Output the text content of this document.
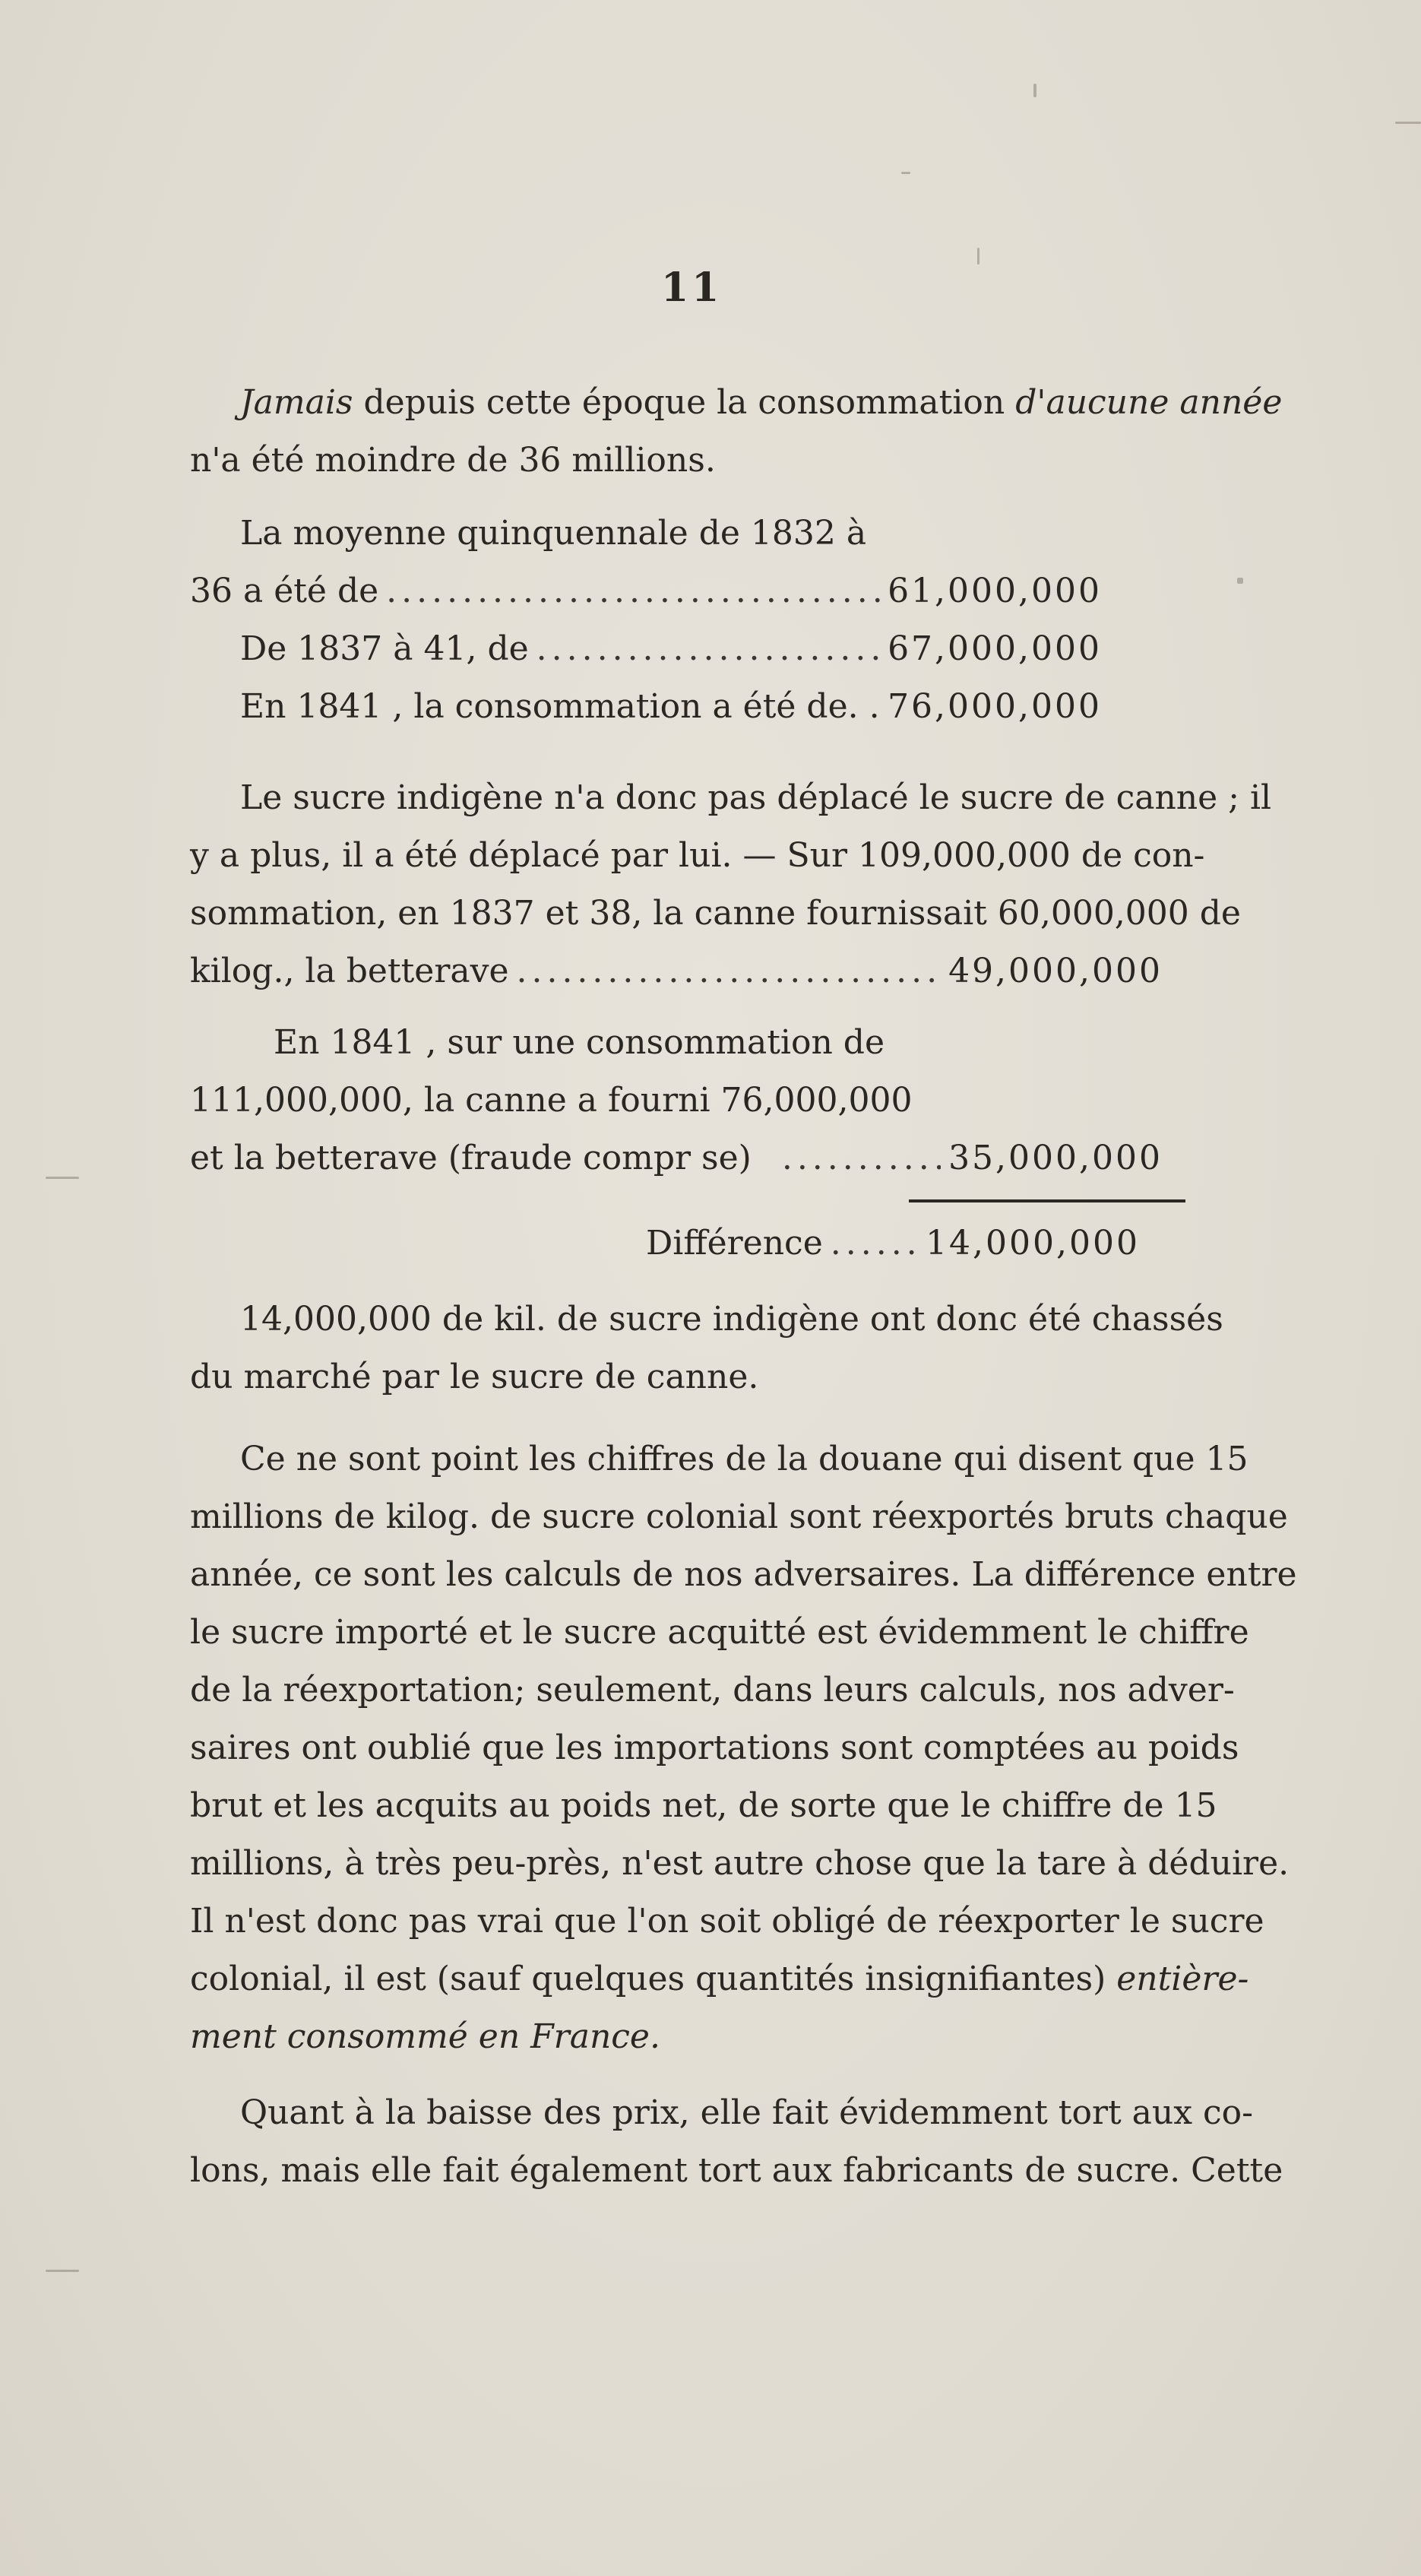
11
Jamais depuis cette époque la consommation d'aucune année
n'a été moindre de 36 millions.
La moyenne quinquennale de 1832 à
36 a été de .....	61,000,000
De 1837 à 41, de .....	67,000,000
En 1841 , la consommation a été de. . 76,000,000
Le sucre indigène n'a donc pas déplacé le sucre de canne ; il
y a plus, il a été déplacé par lui. — Sur 109,000,000 de con-
sommation, en 1837 et 38, la canne fournissait 60,000,000 de
kilog., la betterave .....	49,000,000
En 1841 , sur une consommation de
111,000,000, la canne a fourni 76,000,000
et la betterave (fraude compr se) .....	35,000,000
Différence .....	14,000,000
14,000,000 de kil. de sucre indigène ont donc été chassés
du marché par le sucre de canne.
Ce ne sont point les chiffres de la douane qui disent que 15
millions de kilog. de sucre colonial sont réexportés bruts chaque
année, ce sont les calculs de nos adversaires. La différence entre
le sucre importé et le sucre acquitté est évidemment le chiffre
de la réexportation; seulement, dans leurs calculs, nos adver-
saires ont oublié que les importations sont comptées au poids
brut et les acquits au poids net, de sorte que le chiffre de 15
millions, à très peu-près, n'est autre chose que la tare à déduire.
Il n'est donc pas vrai que l'on soit obligé de réexporter le sucre
colonial, il est (sauf quelques quantités insignifiantes) entière-
ment consommé en France.
Quant à la baisse des prix, elle fait évidemment tort aux co-
lons, mais elle fait également tort aux fabricants de sucre. Cette
